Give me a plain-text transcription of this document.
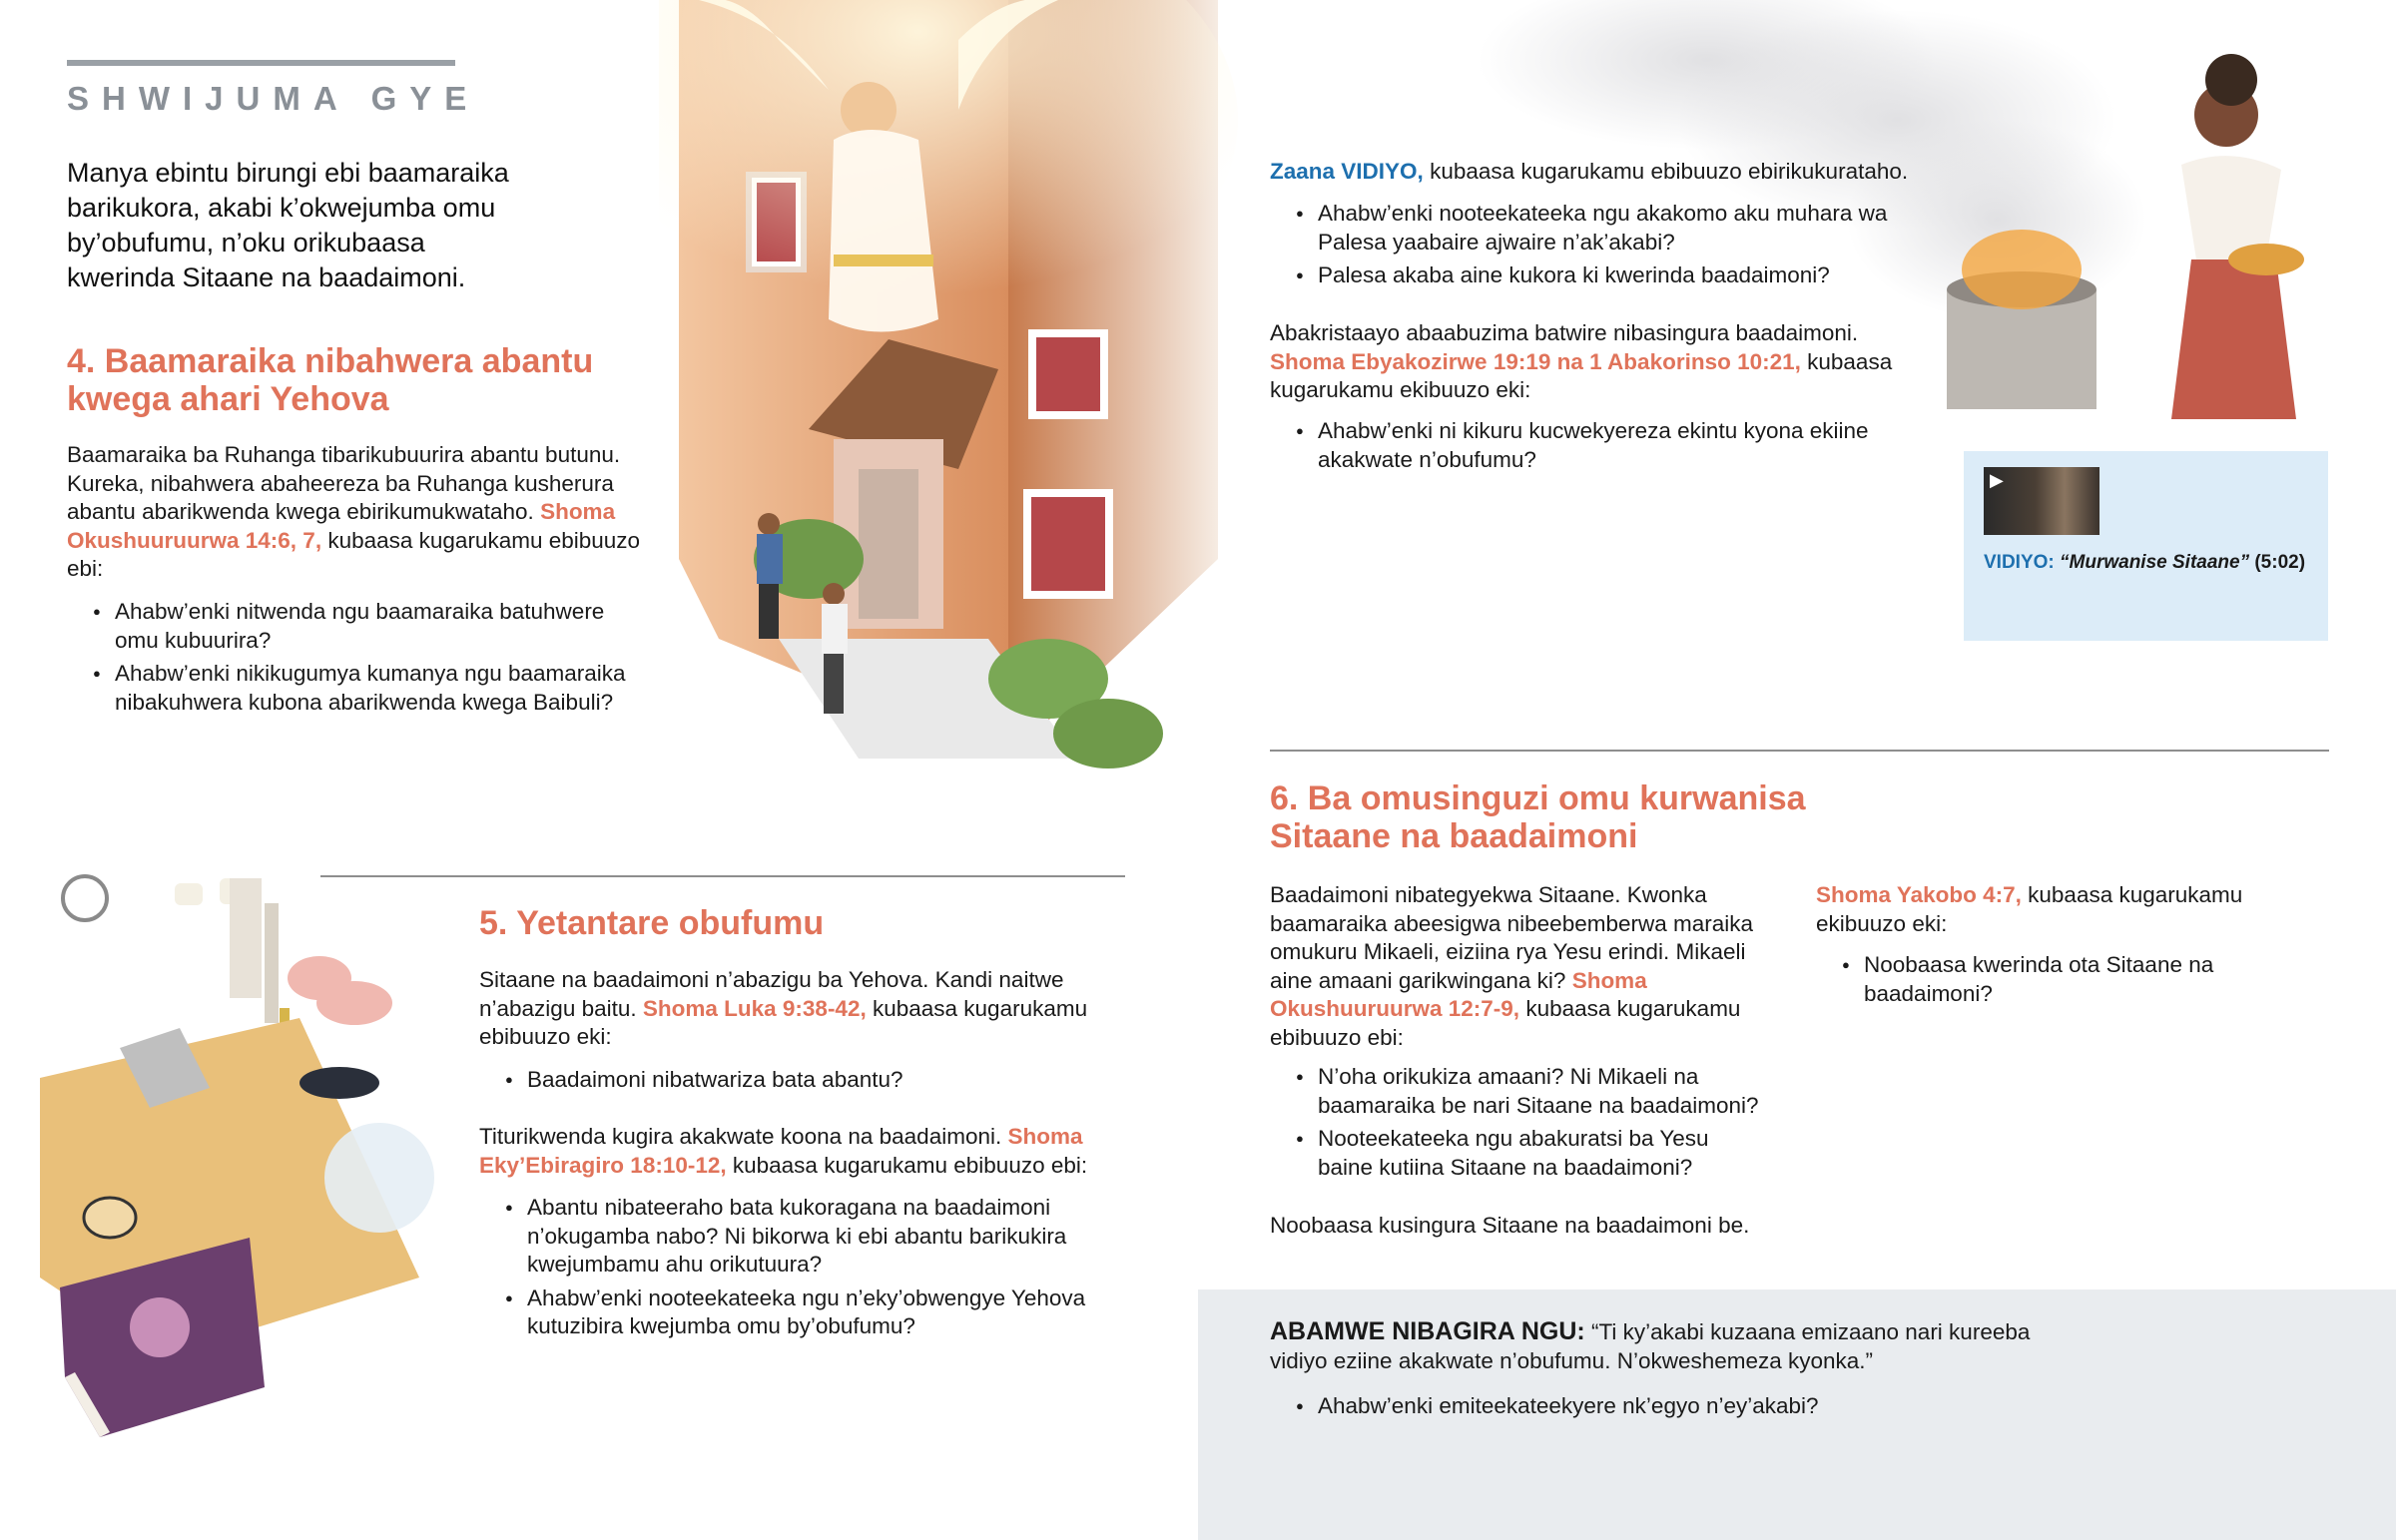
SHWIJUMA GYE
Manya ebintu birungi ebi baamaraika barikukora, akabi k’okwejumba omu by’obufumu, n’oku orikubaasa kwerinda Sitaane na baadaimoni.
4. Baamaraika nibahwera abantu kwega ahari Yehova
Baamaraika ba Ruhanga tibarikubuurira abantu butunu. Kureka, nibahwera abaheereza ba Ruhanga kusherura abantu abarikwenda kwega ebirikumukwataho. Shoma Okushuuruurwa 14:6, 7, kubaasa kugarukamu ebibuuzo ebi:
● Ahabw’enki nitwenda ngu baamaraika batuhwere omu kubuurira?
● Ahabw’enki nikikugumya kumanya ngu baamaraika nibakuhwera kubona abarikwenda kwega Baibuli?
5. Yetantare obufumu
Sitaane na baadaimoni n’abazigu ba Yehova. Kandi naitwe n’abazigu baitu. Shoma Luka 9:38-42, kubaasa kugarukamu ebibuuzo eki:
● Baadaimoni nibatwariza bata abantu?
Titurikwenda kugira akakwate koona na baadaimoni. Shoma Eky’Ebiragiro 18:10-12, kubaasa kugarukamu ebibuuzo ebi:
● Abantu nibateeraho bata kukoragana na baadaimoni n’okugamba nabo? Ni bikorwa ki ebi abantu barikukira kwejumbamu ahu orikutuura?
● Ahabw’enki nooteekateeka ngu n’eky’obwengye Yehova kutuzibira kwejumba omu by’obufumu?
Zaana VIDIYO, kubaasa kugarukamu ebibuuzo ebirikukurataho.
● Ahabw’enki nooteekateeka ngu akakomo aku muhara wa Palesa yaabaire ajwaire n’ak’akabi?
● Palesa akaba aine kukora ki kwerinda baadaimoni?
Abakristaayo abaabuzima batwire nibasingura baadaimoni. Shoma Ebyakozirwe 19:19 na 1 Abakorinso 10:21, kubaasa kugarukamu ekibuuzo eki:
● Ahabw’enki ni kikuru kucwekyereza ekintu kyona ekiine akakwate n’obufumu?
▶
VIDIYO: “Murwanise Sitaane” (5:02)
6. Ba omusinguzi omu kurwanisa Sitaane na baadaimoni
Baadaimoni nibategyekwa Sitaane. Kwonka baamaraika abeesigwa nibeebemberwa maraika omukuru Mikaeli, eiziina rya Yesu erindi. Mikaeli aine amaani garikwingana ki? Shoma Okushuuruurwa 12:7-9, kubaasa kugarukamu ebibuuzo ebi:
● N’oha orikukiza amaani? Ni Mikaeli na baamaraika be nari Sitaane na baadaimoni?
● Nooteekateeka ngu abakuratsi ba Yesu baine kutiina Sitaane na baadaimoni?
Noobaasa kusingura Sitaane na baadaimoni be.
Shoma Yakobo 4:7, kubaasa kugarukamu ekibuuzo eki:
● Noobaasa kwerinda ota Sitaane na baadaimoni?
ABAMWE NIBAGIRA NGU: “Ti ky’akabi kuzaana emizaano nari kureeba vidiyo eziine akakwate n’obufumu. N’okweshemeza kyonka.”
● Ahabw’enki emiteekateekyere nk’egyo n’ey’akabi?
